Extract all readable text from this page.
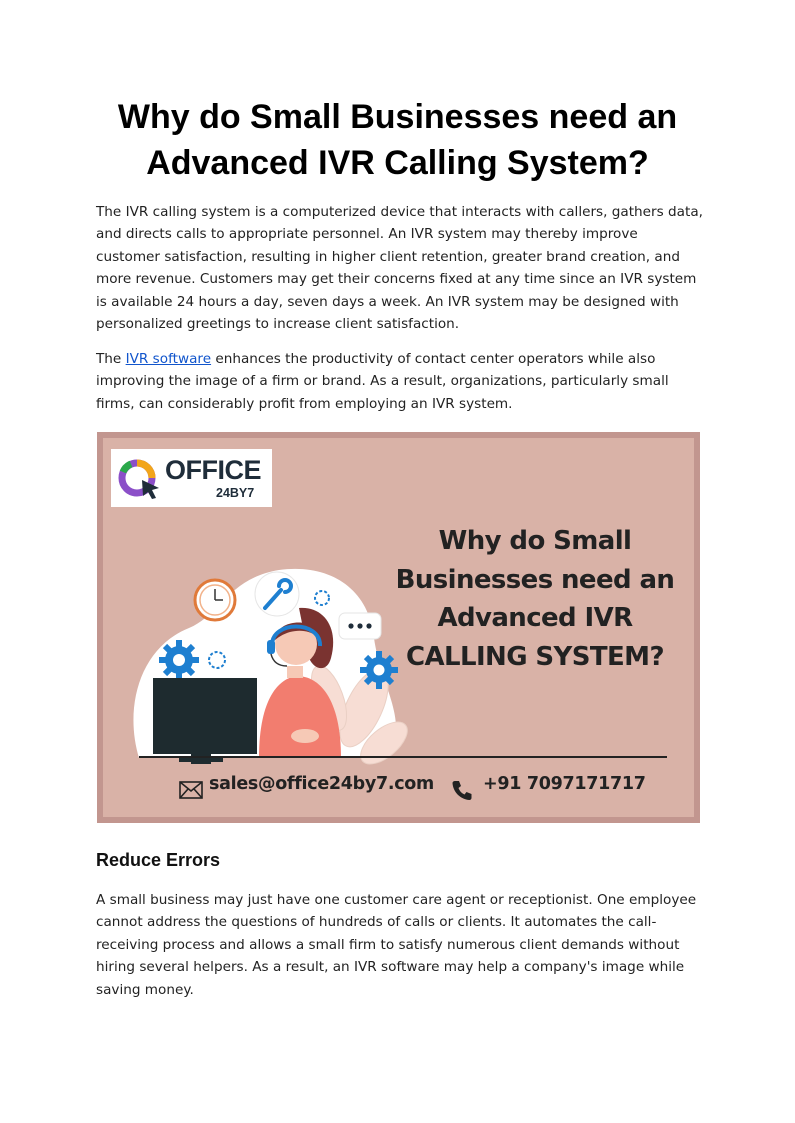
Why do Small Businesses need an
Advanced IVR Calling System?

The IVR calling system is a computerized device that interacts with callers, gathers data, and directs calls to appropriate personnel. An IVR system may thereby improve customer satisfaction, resulting in higher client retention, greater brand creation, and more revenue. Customers may get their concerns fixed at any time since an IVR system is available 24 hours a day, seven days a week. An IVR system may be designed with personalized greetings to increase client satisfaction.

The IVR software enhances the productivity of contact center operators while also improving the image of a firm or brand. As a result, organizations, particularly small firms, can considerably profit from employing an IVR system.

OFFICE
24BY7
Why do Small
Businesses need an
Advanced IVR
CALLING SYSTEM?
sales@office24by7.com	+91 7097171717
Reduce Errors

A small business may just have one customer care agent or receptionist. One employee cannot address the questions of hundreds of calls or clients. It automates the call-receiving process and allows a small firm to satisfy numerous client demands without hiring several helpers. As a result, an IVR software may help a company's image while saving money.
